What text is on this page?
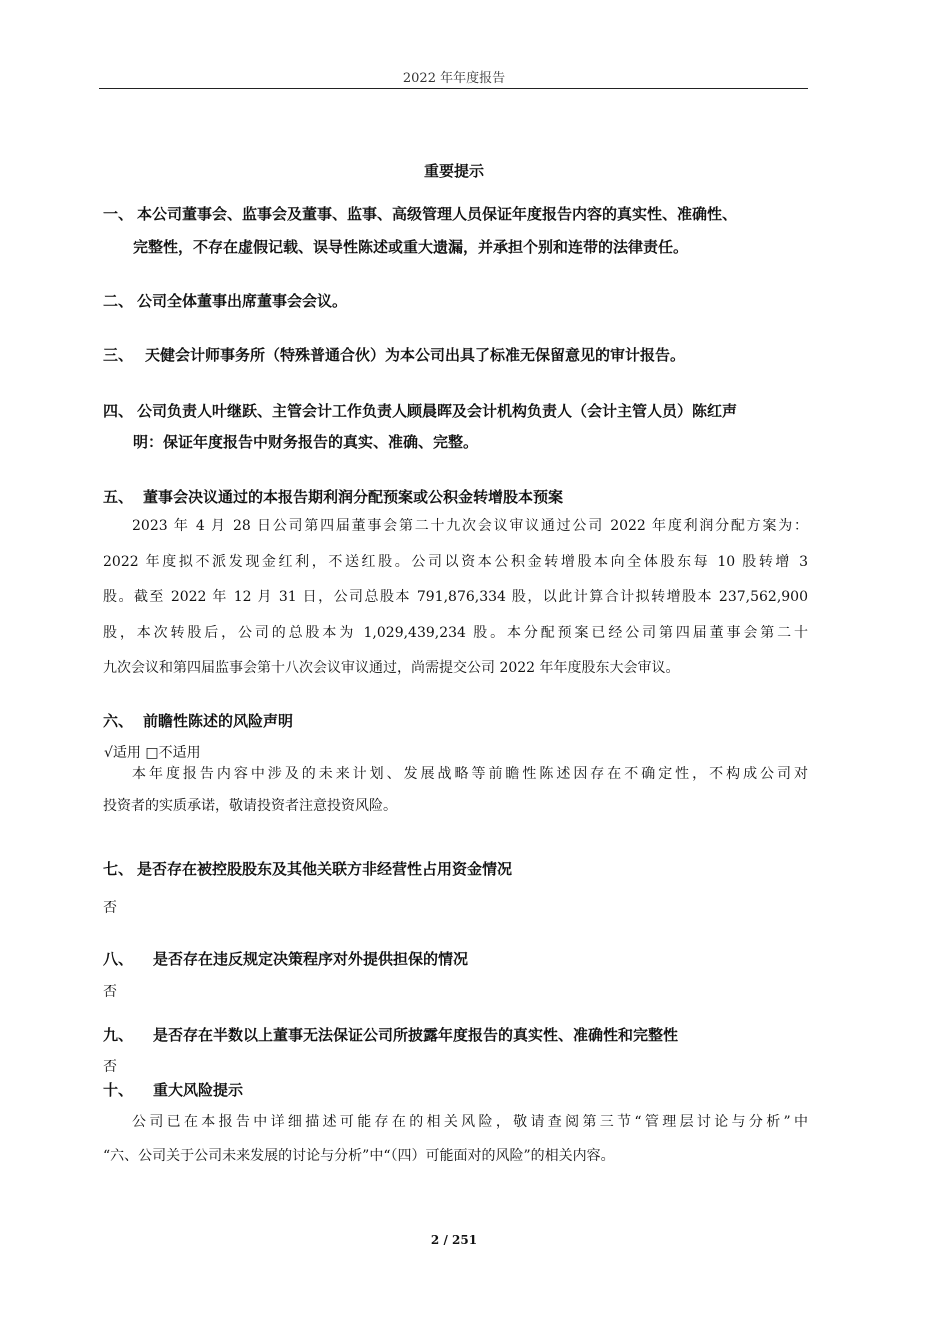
2022 年年度报告
重要提示
一、 本公司董事会、监事会及董事、监事、高级管理人员保证年度报告内容的真实性、准确性、
完整性，不存在虚假记载、误导性陈述或重大遗漏，并承担个别和连带的法律责任。
二、 公司全体董事出席董事会会议。
三、 天健会计师事务所（特殊普通合伙）为本公司出具了标准无保留意见的审计报告。
四、 公司负责人叶继跃、主管会计工作负责人顾晨晖及会计机构负责人（会计主管人员）陈红声
明：保证年度报告中财务报告的真实、准确、完整。
五、 董事会决议通过的本报告期利润分配预案或公积金转增股本预案
2023 年 4 月 28 日公司第四届董事会第二十九次会议审议通过公司 2022 年度利润分配方案为：
2022 年度拟不派发现金红利，不送红股。公司以资本公积金转增股本向全体股东每 10 股转增 3
股。截至 2022 年 12 月 31 日，公司总股本 791,876,334 股，以此计算合计拟转增股本 237,562,900
股，本次转股后，公司的总股本为 1,029,439,234 股。本分配预案已经公司第四届董事会第二十
九次会议和第四届监事会第十八次会议审议通过，尚需提交公司 2022 年年度股东大会审议。
六、 前瞻性陈述的风险声明
√适用 □不适用
本年度报告内容中涉及的未来计划、发展战略等前瞻性陈述因存在不确定性，不构成公司对
投资者的实质承诺，敬请投资者注意投资风险。
七、 是否存在被控股股东及其他关联方非经营性占用资金情况
否
八、 是否存在违反规定决策程序对外提供担保的情况
否
九、 是否存在半数以上董事无法保证公司所披露年度报告的真实性、准确性和完整性
否
十、 重大风险提示
公司已在本报告中详细描述可能存在的相关风险，敬请查阅第三节“管理层讨论与分析”中
“六、公司关于公司未来发展的讨论与分析”中“（四）可能面对的风险”的相关内容。
2 / 251
